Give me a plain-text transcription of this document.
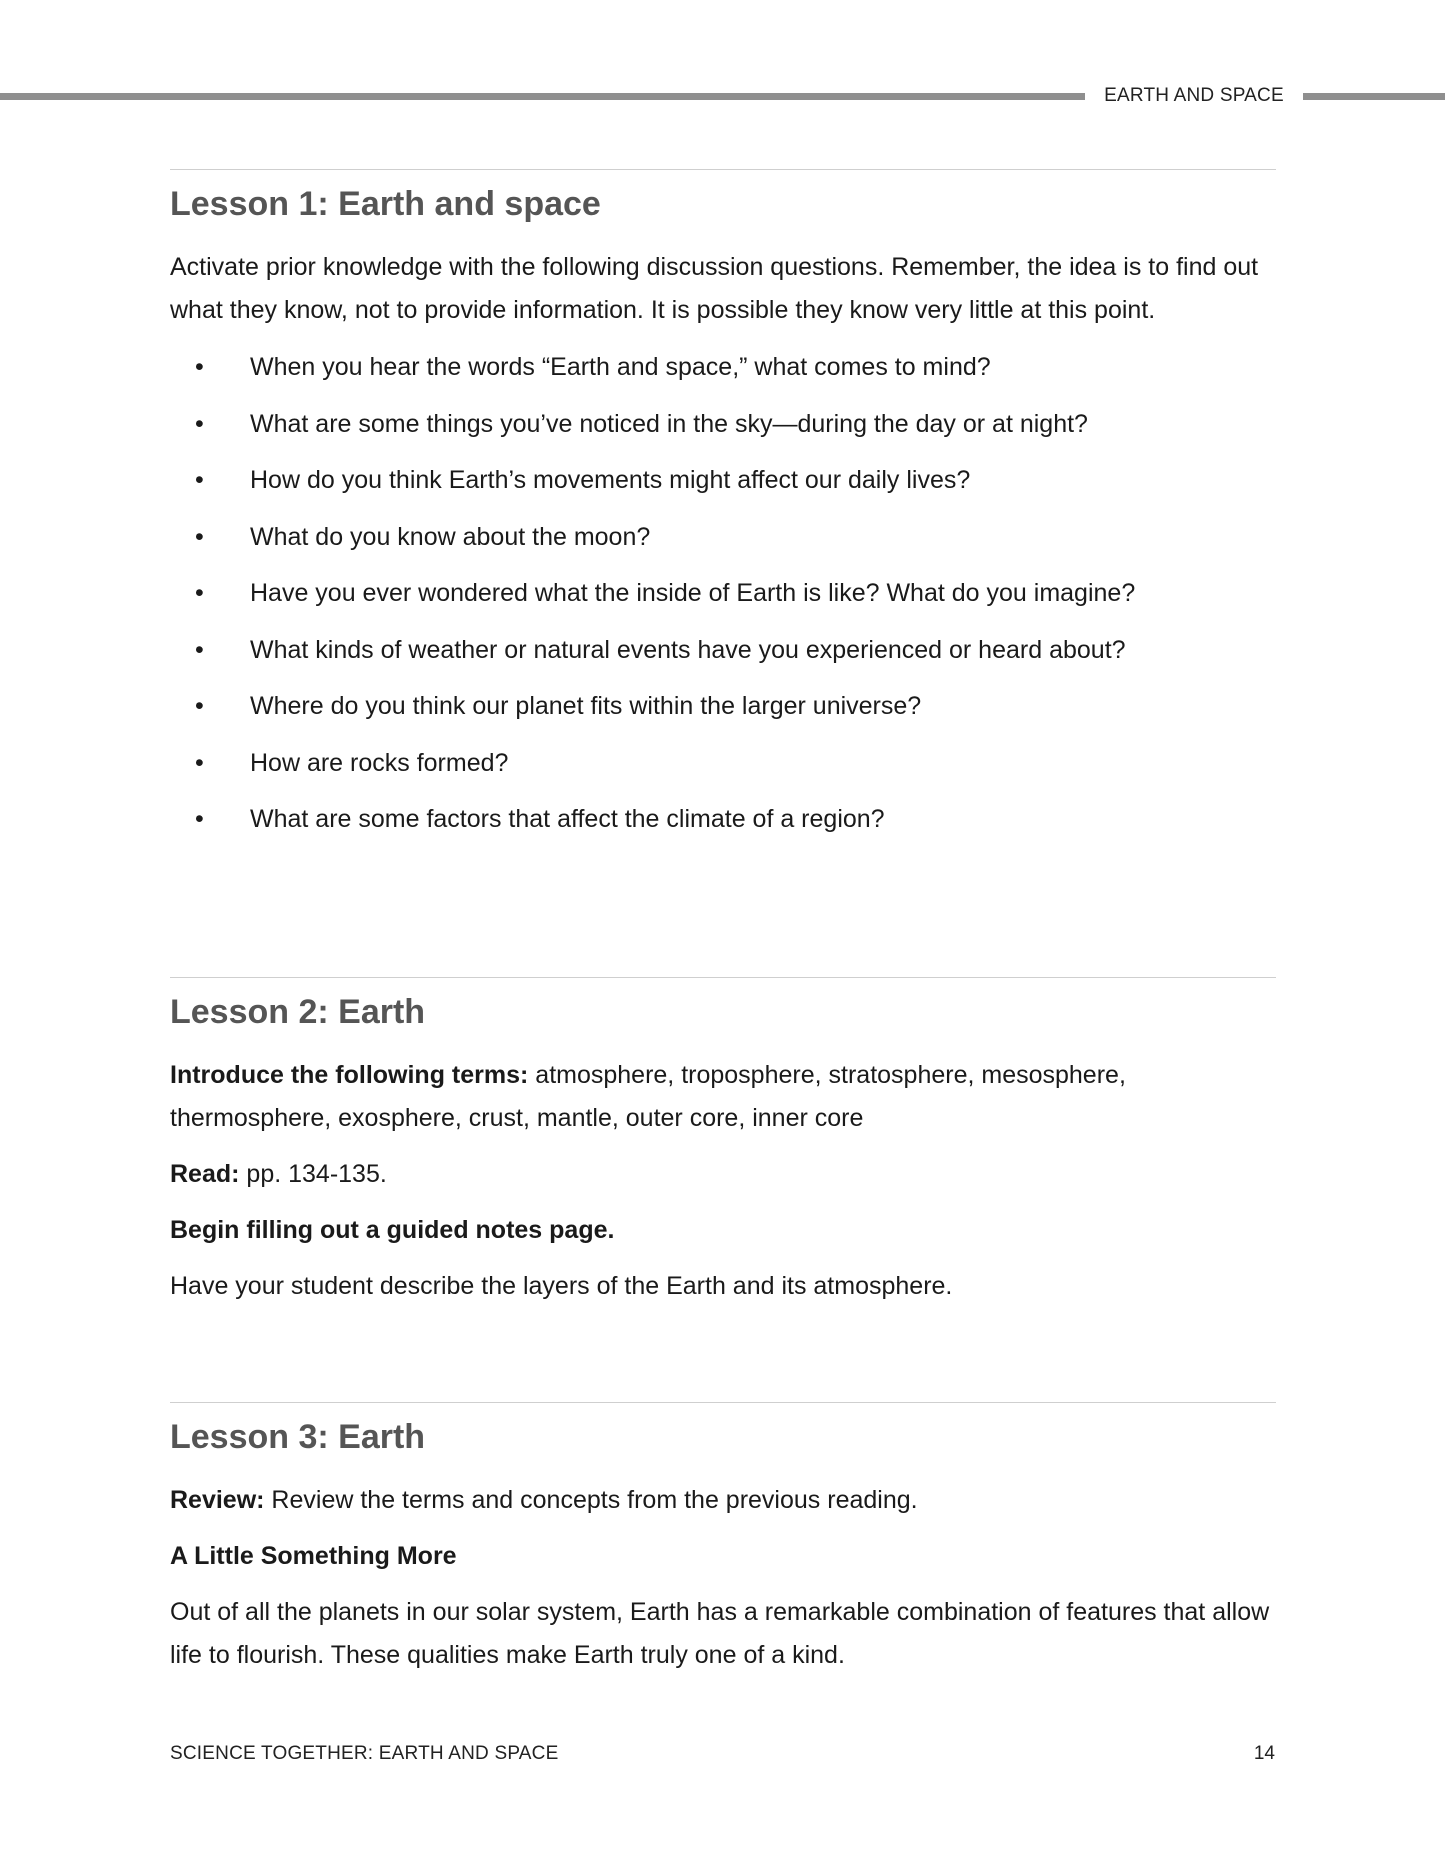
EARTH AND SPACE
Lesson 1: Earth and space

Activate prior knowledge with the following discussion questions. Remember, the idea is to find out what they know, not to provide information. It is possible they know very little at this point.

• When you hear the words “Earth and space,” what comes to mind?
• What are some things you’ve noticed in the sky—during the day or at night?
• How do you think Earth’s movements might affect our daily lives?
• What do you know about the moon?
• Have you ever wondered what the inside of Earth is like? What do you imagine?
• What kinds of weather or natural events have you experienced or heard about?
• Where do you think our planet fits within the larger universe?
• How are rocks formed?
• What are some factors that affect the climate of a region?
Lesson 2: Earth

Introduce the following terms: atmosphere, troposphere, stratosphere, mesosphere, thermosphere, exosphere, crust, mantle, outer core, inner core

Read: pp. 134-135.

Begin filling out a guided notes page.

Have your student describe the layers of the Earth and its atmosphere.

Lesson 3: Earth

Review: Review the terms and concepts from the previous reading.

A Little Something More

Out of all the planets in our solar system, Earth has a remarkable combination of features that allow life to flourish. These qualities make Earth truly one of a kind.

SCIENCE TOGETHER: EARTH AND SPACE	14
